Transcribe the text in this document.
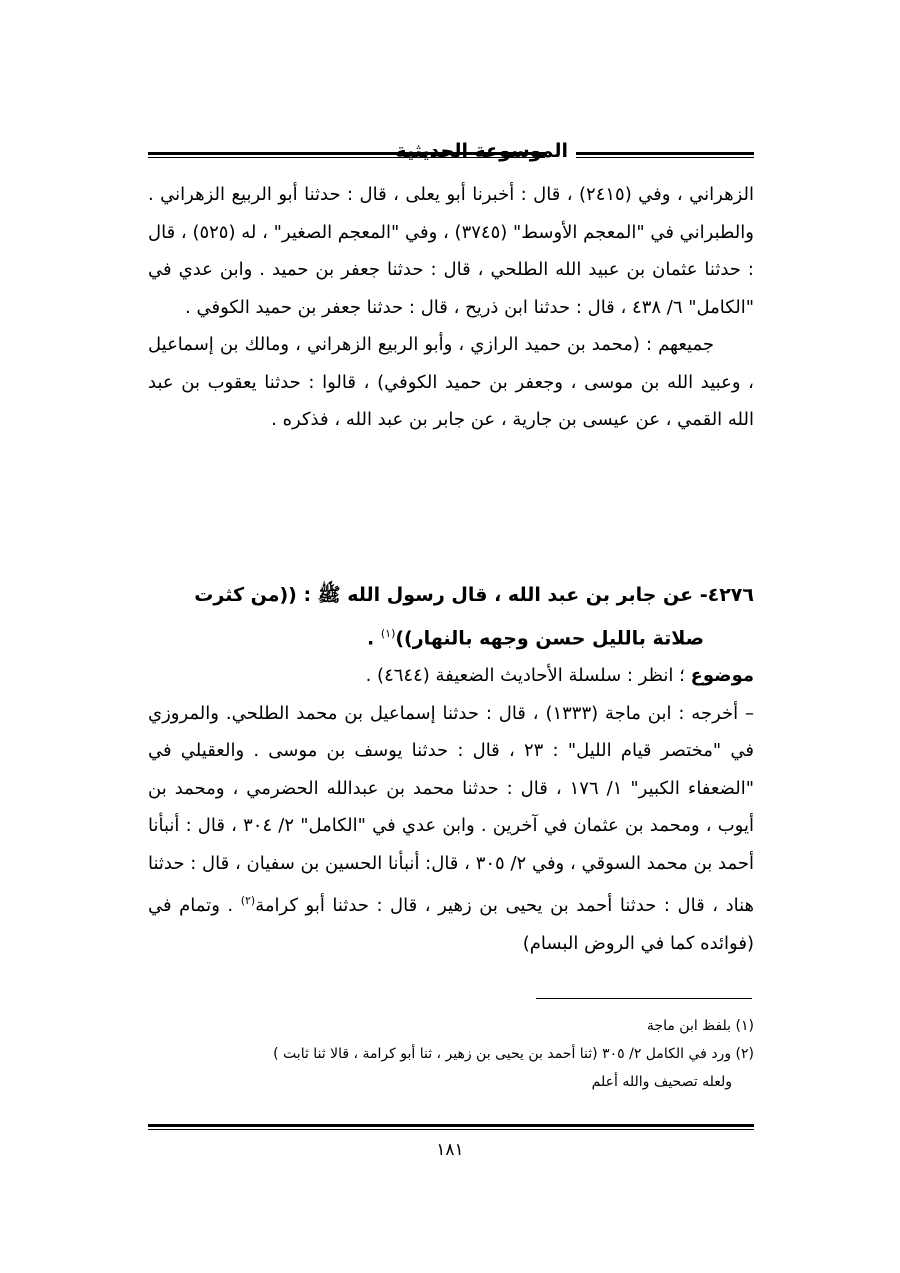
الموسوعة الحديثية

الزهراني ، وفي (٢٤١٥) ، قال : أخبرنا أبو يعلى ، قال : حدثنا أبو الربيع الزهراني . والطبراني في "المعجم الأوسط" (٣٧٤٥) ، وفي "المعجم الصغير" ، له (٥٢٥) ، قال : حدثنا عثمان بن عبيد الله الطلحي ، قال : حدثنا جعفر بن حميد . وابن عدي في "الكامل" ٦/ ٤٣٨ ، قال : حدثنا ابن ذريح ، قال : حدثنا جعفر بن حميد الكوفي .

جميعهم : (محمد بن حميد الرازي ، وأبو الربيع الزهراني ، ومالك بن إسماعيل ، وعبيد الله بن موسى ، وجعفر بن حميد الكوفي) ، قالوا : حدثنا يعقوب بن عبد الله القمي ، عن عيسى بن جارية ، عن جابر بن عبد الله ، فذكره .

٤٢٧٦- عن جابر بن عبد الله ، قال رسول الله ﷺ : ((من كثرت
صلاتة بالليل حسن وجهه بالنهار))$^{(١)}$ .

موضوع ؛ انظر : سلسلة الأحاديث الضعيفة (٤٦٤٤) .

– أخرجه : ابن ماجة (١٣٣٣) ، قال : حدثنا إسماعيل بن محمد الطلحي. والمروزي في "مختصر قيام الليل" : ٢٣ ، قال : حدثنا يوسف بن موسى . والعقيلي في "الضعفاء الكبير" ١/ ١٧٦ ، قال : حدثنا محمد بن عبدالله الحضرمي ، ومحمد بن أيوب ، ومحمد بن عثمان في آخرين . وابن عدي في "الكامل" ٢/ ٣٠٤ ، قال : أنبأنا أحمد بن محمد السوقي ، وفي ٢/ ٣٠٥ ، قال: أنبأنا الحسين بن سفيان ، قال : حدثنا هناد ، قال : حدثنا أحمد بن يحيى بن زهير ، قال : حدثنا أبو كرامة$^{(٢)}$ . وتمام في (فوائده كما في الروض البسام)

(١) بلفظ ابن ماجة

(٢) ورد في الكامل ٢/ ٣٠٥ (ثنا أحمد بن يحيى بن زهير ، ثنا أبو كرامة ، قالا ثنا ثابت )

ولعله تصحيف والله أعلم

١٨١
